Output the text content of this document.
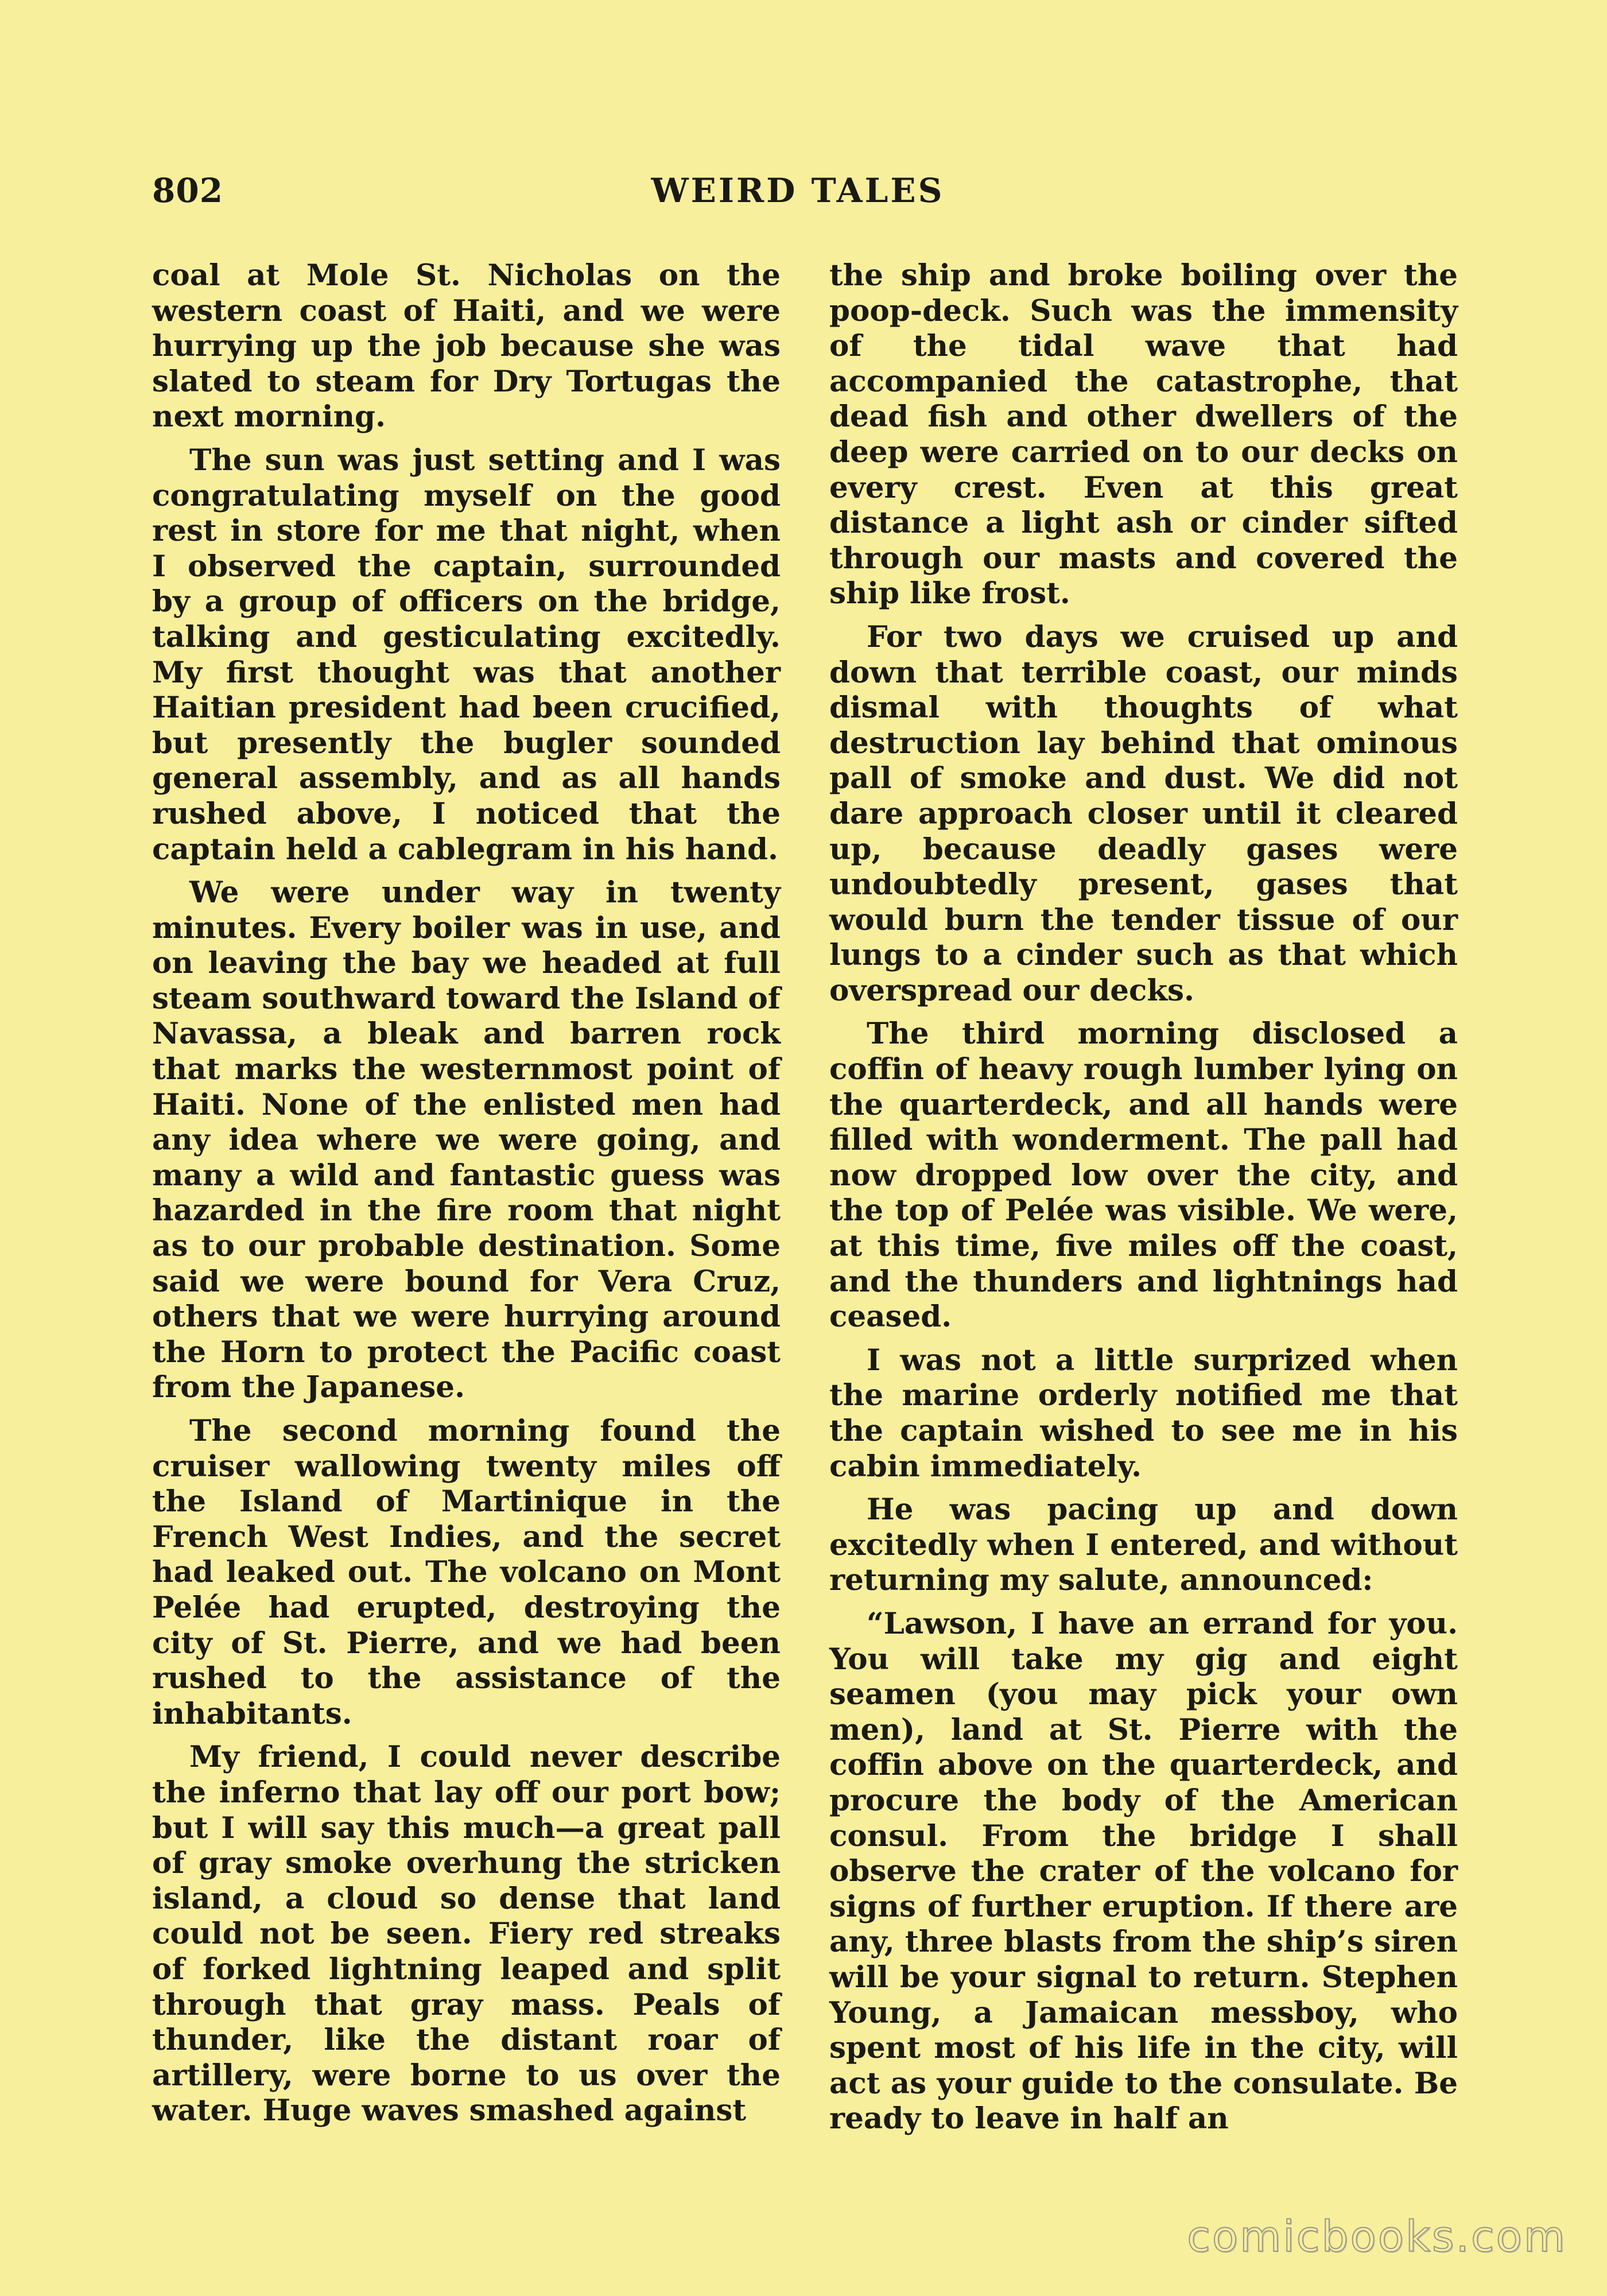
802	WEIRD TALES

coal at Mole St. Nicholas on the western coast of Haiti, and we were hurrying up the job because she was slated to steam for Dry Tortugas the next morning.

The sun was just setting and I was congratulating myself on the good rest in store for me that night, when I observed the captain, surrounded by a group of officers on the bridge, talking and gesticulating excitedly. My first thought was that another Haitian president had been crucified, but presently the bugler sounded general assembly, and as all hands rushed above, I noticed that the captain held a cablegram in his hand.

We were under way in twenty minutes. Every boiler was in use, and on leaving the bay we headed at full steam southward toward the Island of Navassa, a bleak and barren rock that marks the westernmost point of Haiti. None of the enlisted men had any idea where we were going, and many a wild and fantastic guess was hazarded in the fire room that night as to our probable destination. Some said we were bound for Vera Cruz, others that we were hurrying around the Horn to protect the Pacific coast from the Japanese.

The second morning found the cruiser wallowing twenty miles off the Island of Martinique in the French West Indies, and the secret had leaked out. The volcano on Mont Pelée had erupted, destroying the city of St. Pierre, and we had been rushed to the assistance of the inhabitants.

My friend, I could never describe the inferno that lay off our port bow; but I will say this much—a great pall of gray smoke overhung the stricken island, a cloud so dense that land could not be seen. Fiery red streaks of forked lightning leaped and split through that gray mass. Peals of thunder, like the distant roar of artillery, were borne to us over the water. Huge waves smashed against

the ship and broke boiling over the poop-deck. Such was the immensity of the tidal wave that had accompanied the catastrophe, that dead fish and other dwellers of the deep were carried on to our decks on every crest. Even at this great distance a light ash or cinder sifted through our masts and covered the ship like frost.

For two days we cruised up and down that terrible coast, our minds dismal with thoughts of what destruction lay behind that ominous pall of smoke and dust. We did not dare approach closer until it cleared up, because deadly gases were undoubtedly present, gases that would burn the tender tissue of our lungs to a cinder such as that which overspread our decks.

The third morning disclosed a coffin of heavy rough lumber lying on the quarterdeck, and all hands were filled with wonderment. The pall had now dropped low over the city, and the top of Pelée was visible. We were, at this time, five miles off the coast, and the thunders and lightnings had ceased.

I was not a little surprized when the marine orderly notified me that the captain wished to see me in his cabin immediately.

He was pacing up and down excitedly when I entered, and without returning my salute, announced:

“Lawson, I have an errand for you. You will take my gig and eight seamen (you may pick your own men), land at St. Pierre with the coffin above on the quarterdeck, and procure the body of the American consul. From the bridge I shall observe the crater of the volcano for signs of further eruption. If there are any, three blasts from the ship’s siren will be your signal to return. Stephen Young, a Jamaican messboy, who spent most of his life in the city, will act as your guide to the consulate. Be ready to leave in half an

comicbooks.com
